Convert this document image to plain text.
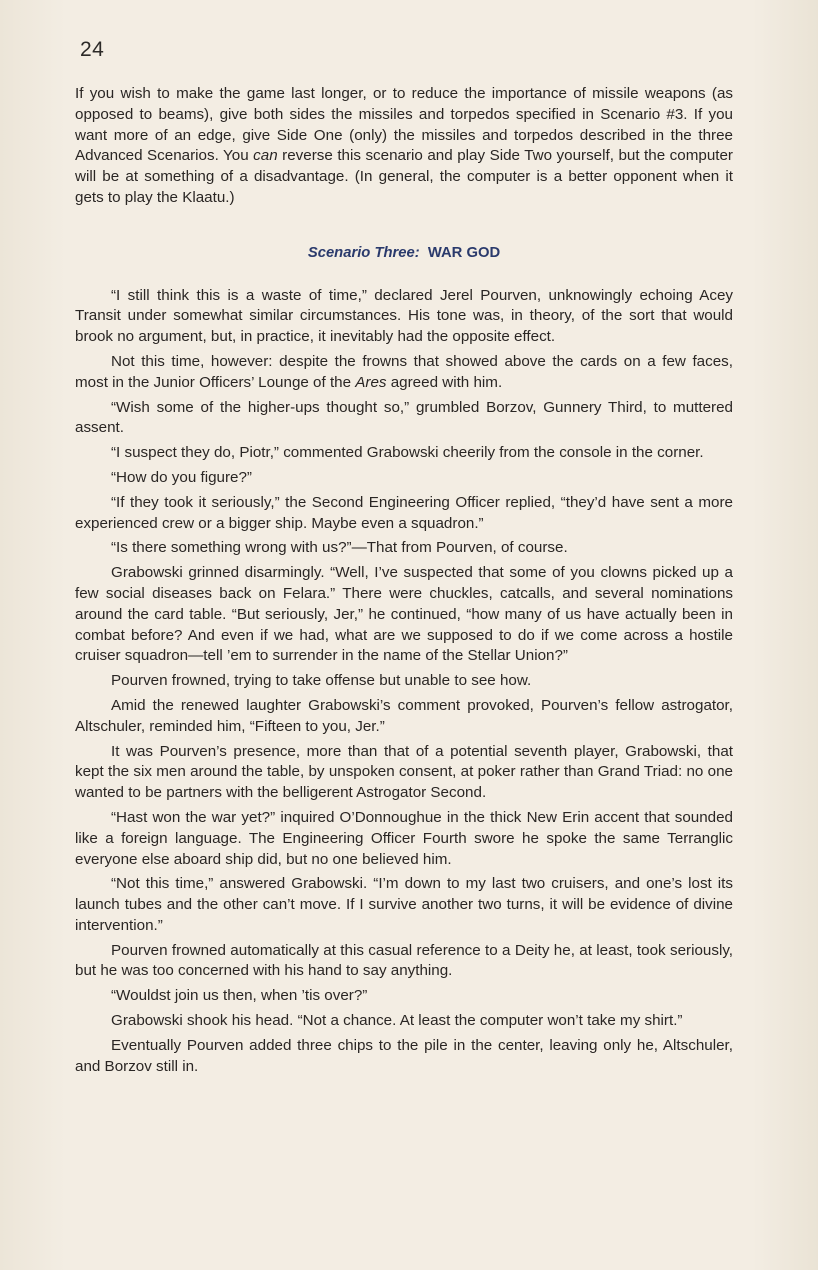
24

If you wish to make the game last longer, or to reduce the importance of missile weapons (as opposed to beams), give both sides the missiles and torpedos specified in Scenario #3. If you want more of an edge, give Side One (only) the missiles and torpedos described in the three Advanced Scenarios. You can reverse this scenario and play Side Two yourself, but the computer will be at something of a disadvantage. (In general, the computer is a better opponent when it gets to play the Klaatu.)

Scenario Three: WAR GOD

“I still think this is a waste of time,” declared Jerel Pourven, unknowingly echoing Acey Transit under somewhat similar circumstances. His tone was, in theory, of the sort that would brook no argument, but, in practice, it inevitably had the opposite effect.

Not this time, however: despite the frowns that showed above the cards on a few faces, most in the Junior Officers’ Lounge of the Ares agreed with him.

“Wish some of the higher-ups thought so,” grumbled Borzov, Gunnery Third, to muttered assent.

“I suspect they do, Piotr,” commented Grabowski cheerily from the console in the corner.

“How do you figure?”

“If they took it seriously,” the Second Engineering Officer replied, “they’d have sent a more experienced crew or a bigger ship. Maybe even a squadron.”

“Is there something wrong with us?”—That from Pourven, of course.

Grabowski grinned disarmingly. “Well, I’ve suspected that some of you clowns picked up a few social diseases back on Felara.” There were chuckles, catcalls, and several nominations around the card table. “But seriously, Jer,” he continued, “how many of us have actually been in combat before? And even if we had, what are we supposed to do if we come across a hostile cruiser squadron—tell ’em to surrender in the name of the Stellar Union?”

Pourven frowned, trying to take offense but unable to see how.

Amid the renewed laughter Grabowski’s comment provoked, Pourven’s fellow astrogator, Altschuler, reminded him, “Fifteen to you, Jer.”

It was Pourven’s presence, more than that of a potential seventh player, Grabowski, that kept the six men around the table, by unspoken consent, at poker rather than Grand Triad: no one wanted to be partners with the belligerent Astrogator Second.

“Hast won the war yet?” inquired O’Donnoughue in the thick New Erin accent that sounded like a foreign language. The Engineering Officer Fourth swore he spoke the same Terranglic everyone else aboard ship did, but no one believed him.

“Not this time,” answered Grabowski. “I’m down to my last two cruisers, and one’s lost its launch tubes and the other can’t move. If I survive another two turns, it will be evidence of divine intervention.”

Pourven frowned automatically at this casual reference to a Deity he, at least, took seriously, but he was too concerned with his hand to say anything.

“Wouldst join us then, when ’tis over?”

Grabowski shook his head. “Not a chance. At least the computer won’t take my shirt.”

Eventually Pourven added three chips to the pile in the center, leaving only he, Altschuler, and Borzov still in.
